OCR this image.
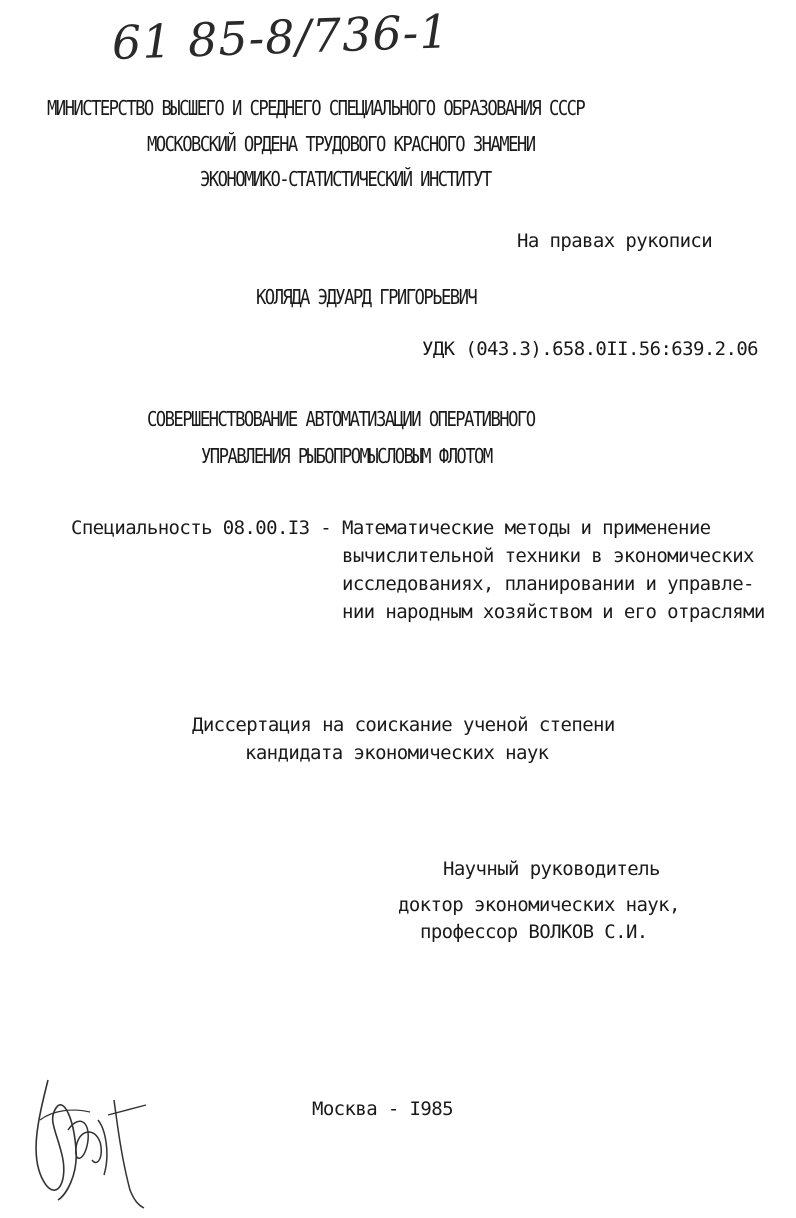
61 85-8/736-1
МИНИСТЕРСТВО ВЫСШЕГО И СРЕДНЕГО СПЕЦИАЛЬНОГО ОБРАЗОВАНИЯ СССР
МОСКОВСКИЙ ОРДЕНА ТРУДОВОГО КРАСНОГО ЗНАМЕНИ
ЭКОНОМИКО-СТАТИСТИЧЕСКИЙ ИНСТИТУТ
На правах рукописи
КОЛЯДА ЭДУАРД ГРИГОРЬЕВИЧ
УДК (043.3).658.0II.56:639.2.06
СОВЕРШЕНСТВОВАНИЕ АВТОМАТИЗАЦИИ ОПЕРАТИВНОГО
УПРАВЛЕНИЯ РЫБОПРОМЫСЛОВЫМ ФЛОТОМ
Специальность 08.00.I3 - Математические методы и применение
вычислительной техники в экономических
исследованиях, планировании и управле-
нии народным хозяйством и его отраслями
Диссертация на соискание ученой степени
кандидата экономических наук
Научный руководитель
доктор экономических наук,
профессор ВОЛКОВ С.И.
Москва - I985
